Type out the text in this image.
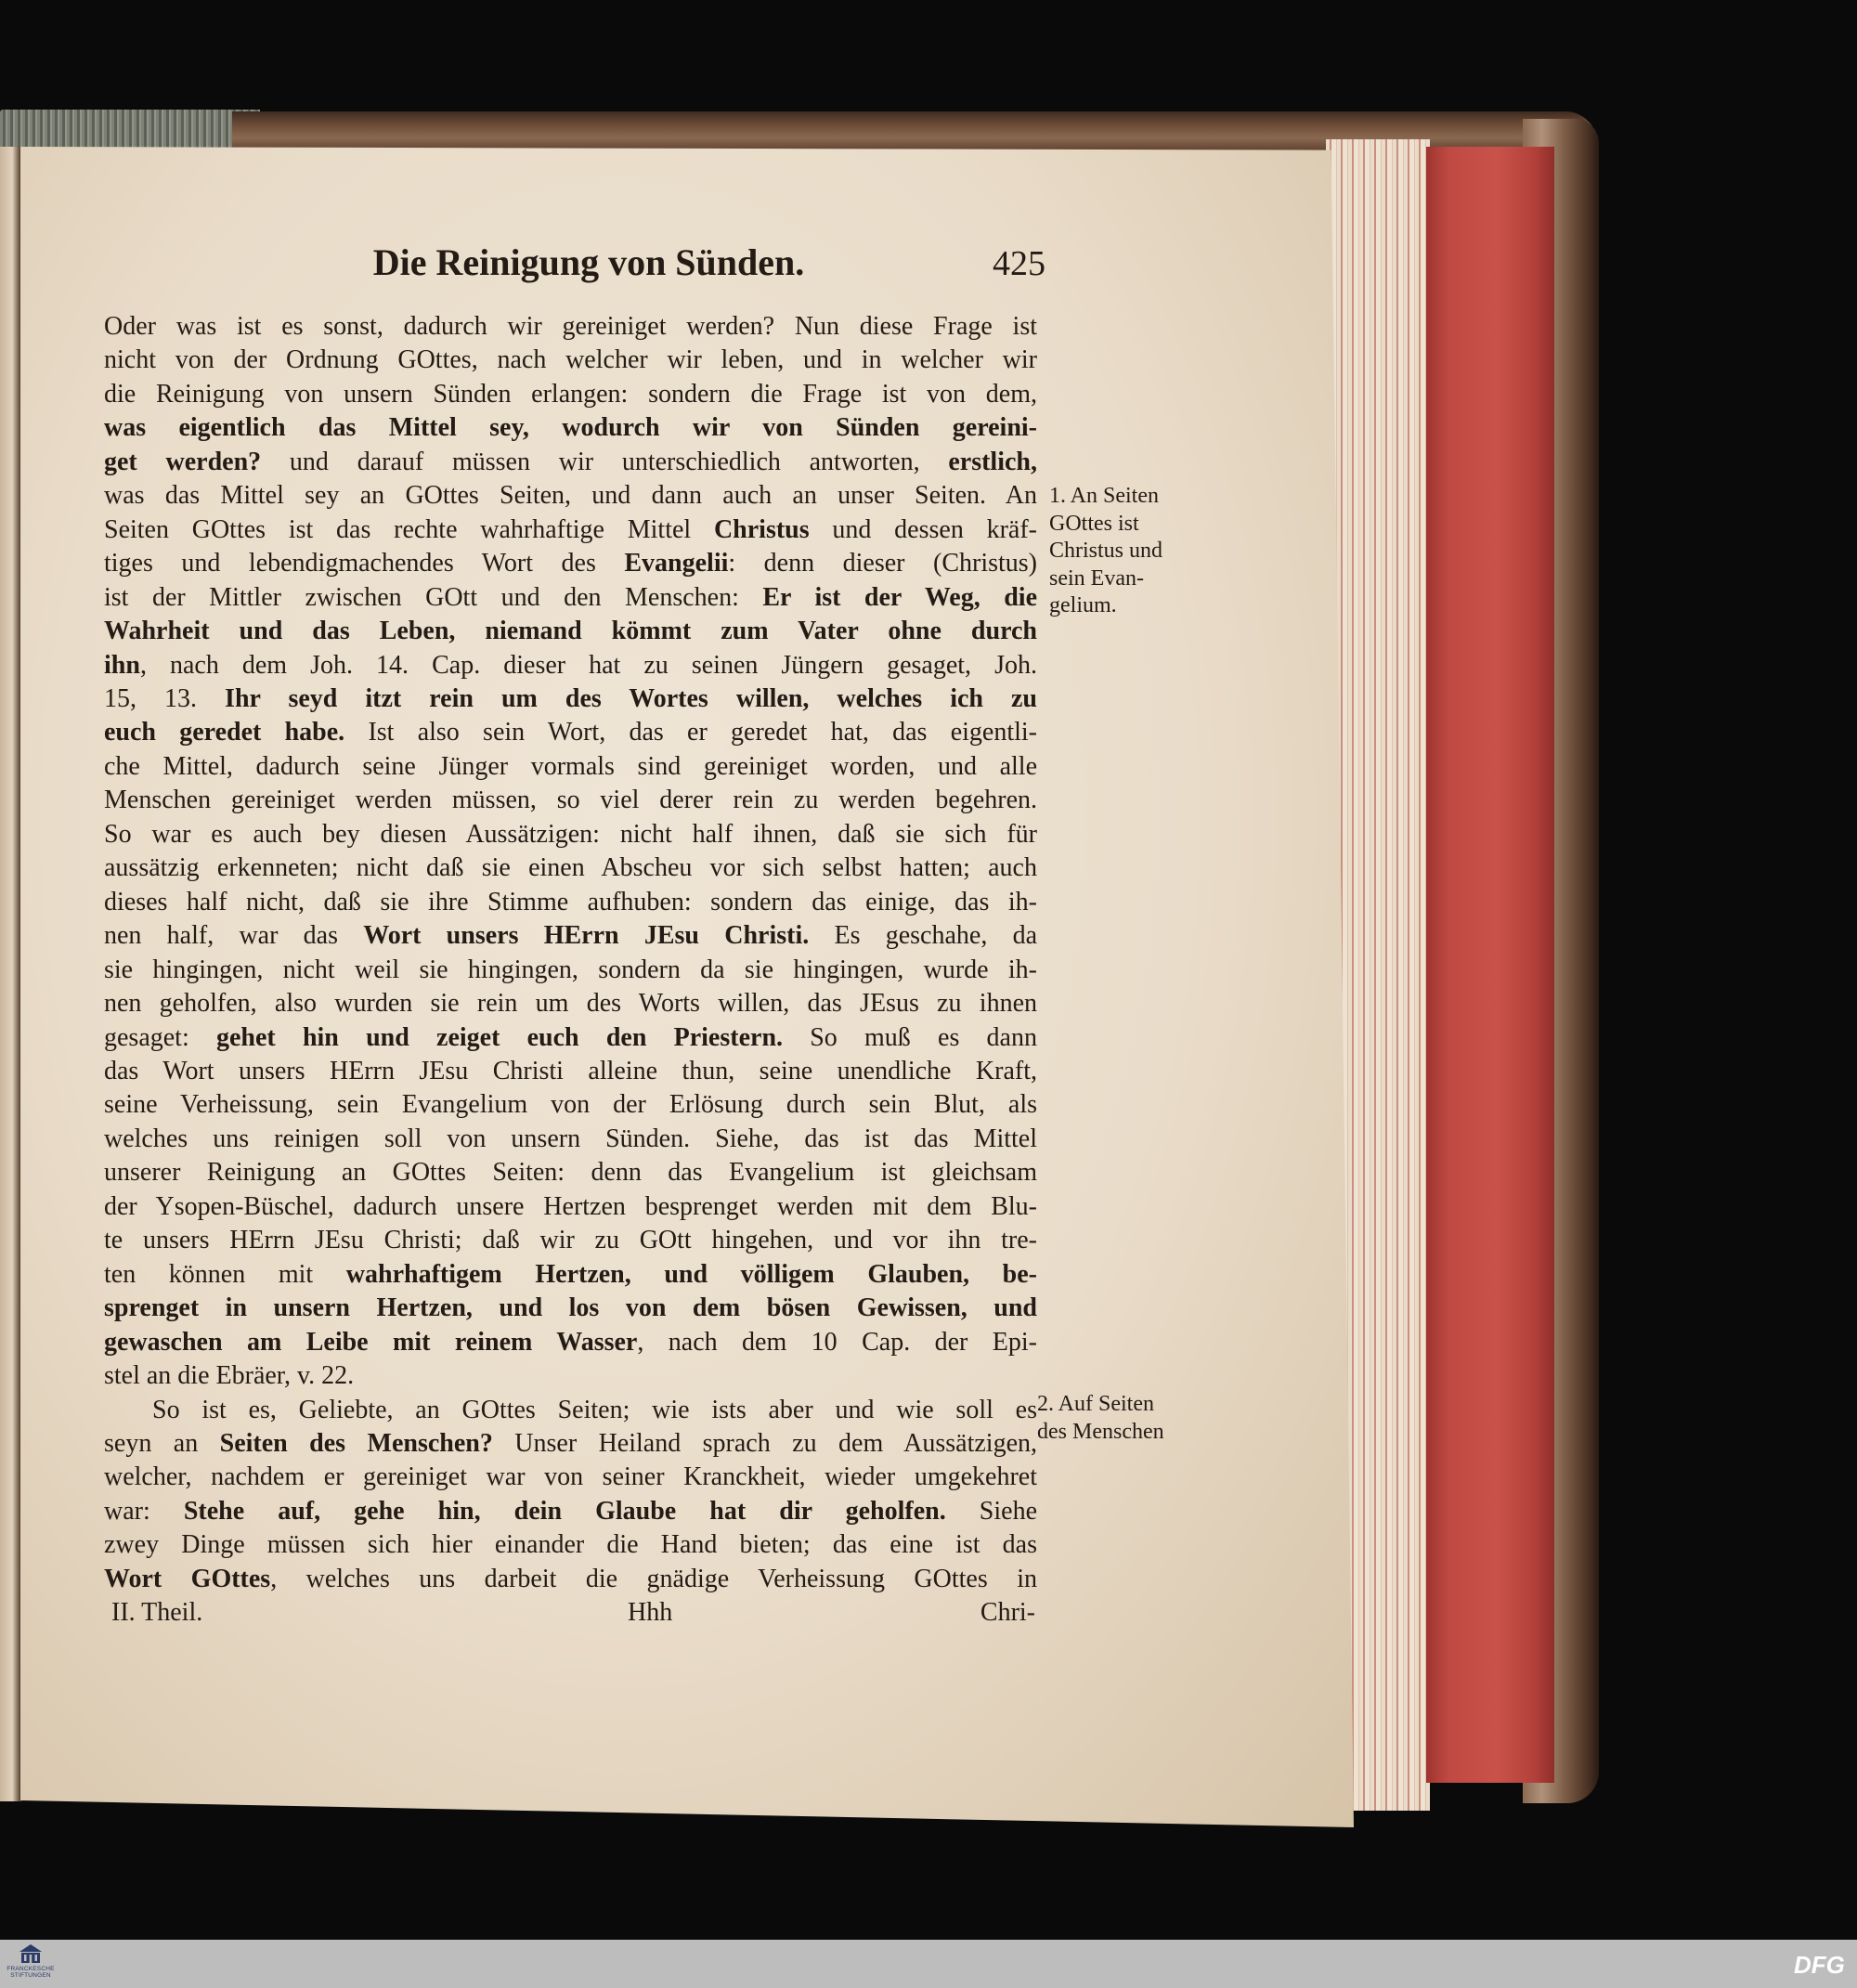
Die Reinigung von Sünden.	425
Oder was ist es sonst, dadurch wir gereiniget werden? Nun diese Frage ist
nicht von der Ordnung GOttes, nach welcher wir leben, und in welcher wir
die Reinigung von unsern Sünden erlangen: sondern die Frage ist von dem,
was eigentlich das Mittel sey, wodurch wir von Sünden gereini-
get werden? und darauf müssen wir unterschiedlich antworten, erstlich,
was das Mittel sey an GOttes Seiten, und dann auch an unser Seiten. An
Seiten GOttes ist das rechte wahrhaftige Mittel Christus und dessen kräf-
tiges und lebendigmachendes Wort des Evangelii: denn dieser (Christus)
ist der Mittler zwischen GOtt und den Menschen: Er ist der Weg, die
Wahrheit und das Leben, niemand kömmt zum Vater ohne durch
ihn, nach dem Joh. 14. Cap. dieser hat zu seinen Jüngern gesaget, Joh.
15, 13. Ihr seyd itzt rein um des Wortes willen, welches ich zu
euch geredet habe. Ist also sein Wort, das er geredet hat, das eigentli-
che Mittel, dadurch seine Jünger vormals sind gereiniget worden, und alle
Menschen gereiniget werden müssen, so viel derer rein zu werden begehren.
So war es auch bey diesen Aussätzigen: nicht half ihnen, daß sie sich für
aussätzig erkenneten; nicht daß sie einen Abscheu vor sich selbst hatten; auch
dieses half nicht, daß sie ihre Stimme aufhuben: sondern das einige, das ih-
nen half, war das Wort unsers HErrn JEsu Christi. Es geschahe, da
sie hingingen, nicht weil sie hingingen, sondern da sie hingingen, wurde ih-
nen geholfen, also wurden sie rein um des Worts willen, das JEsus zu ihnen
gesaget: gehet hin und zeiget euch den Priestern. So muß es dann
das Wort unsers HErrn JEsu Christi alleine thun, seine unendliche Kraft,
seine Verheissung, sein Evangelium von der Erlösung durch sein Blut, als
welches uns reinigen soll von unsern Sünden. Siehe, das ist das Mittel
unserer Reinigung an GOttes Seiten: denn das Evangelium ist gleichsam
der Ysopen-Büschel, dadurch unsere Hertzen besprenget werden mit dem Blu-
te unsers HErrn JEsu Christi; daß wir zu GOtt hingehen, und vor ihn tre-
ten können mit wahrhaftigem Hertzen, und völligem Glauben, be-
sprenget in unsern Hertzen, und los von dem bösen Gewissen, und
gewaschen am Leibe mit reinem Wasser, nach dem 10 Cap. der Epi-
stel an die Ebräer, v. 22.
So ist es, Geliebte, an GOttes Seiten; wie ists aber und wie soll es
seyn an Seiten des Menschen? Unser Heiland sprach zu dem Aussätzigen,
welcher, nachdem er gereiniget war von seiner Kranckheit, wieder umgekehret
war: Stehe auf, gehe hin, dein Glaube hat dir geholfen. Siehe
zwey Dinge müssen sich hier einander die Hand bieten; das eine ist das
Wort GOttes, welches uns darbeit die gnädige Verheissung GOttes in
1. An Seiten
GOttes ist
Christus und
sein Evan-
gelium.
2. Auf Seiten
des Menschen
II. Theil.	Hhh	Chri-
FRANCKESCHE
STIFTUNGEN	DFG
